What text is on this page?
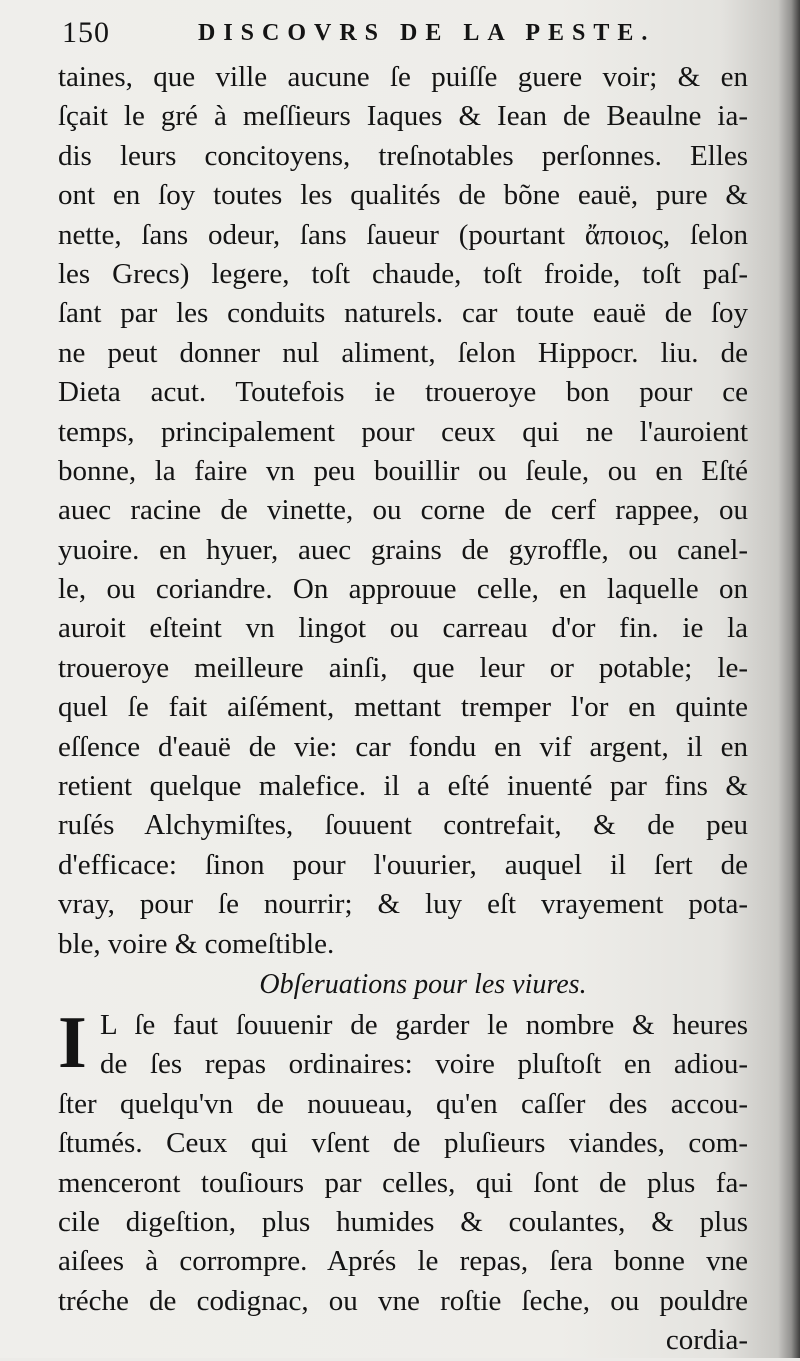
150	DISCOVRS DE LA PESTE.
taines, que ville aucune ſe puiſſe guere voir; & en
ſçait le gré à meſſieurs Iaques & Iean de Beaulne ia-
dis leurs concitoyens, treſnotables perſonnes. Elles
ont en ſoy toutes les qualités de bõne eauë, pure &
nette, ſans odeur, ſans ſaueur (pourtant ἄποιος, ſelon
les Grecs) legere, toſt chaude, toſt froide, toſt paſ-
ſant par les conduits naturels. car toute eauë de ſoy
ne peut donner nul aliment, ſelon Hippocr. liu. de
Dieta acut. Toutefois ie troueroye bon pour ce
temps, principalement pour ceux qui ne l'auroient
bonne, la faire vn peu bouillir ou ſeule, ou en Eſté
auec racine de vinette, ou corne de cerf rappee, ou
yuoire. en hyuer, auec grains de gyroffle, ou canel-
le, ou coriandre. On approuue celle, en laquelle on
auroit eſteint vn lingot ou carreau d'or fin. ie la
troueroye meilleure ainſi, que leur or potable; le-
quel ſe fait aiſément, mettant tremper l'or en quinte
eſſence d'eauë de vie: car fondu en vif argent, il en
retient quelque malefice. il a eſté inuenté par fins &
ruſés Alchymiſtes, ſouuent contrefait, & de peu
d'efficace: ſinon pour l'ouurier, auquel il ſert de
vray, pour ſe nourrir; & luy eſt vrayement pota-
ble, voire & comeſtible.
Obſeruations pour les viures.
I L ſe faut ſouuenir de garder le nombre & heures
de ſes repas ordinaires: voire pluſtoſt en adiou-
ſter quelqu'vn de nouueau, qu'en caſſer des accou-
ſtumés. Ceux qui vſent de pluſieurs viandes, com-
menceront touſiours par celles, qui ſont de plus fa-
cile digeſtion, plus humides & coulantes, & plus
aiſees à corrompre. Aprés le repas, ſera bonne vne
tréche de codignac, ou vne roſtie ſeche, ou pouldre
cordia-
